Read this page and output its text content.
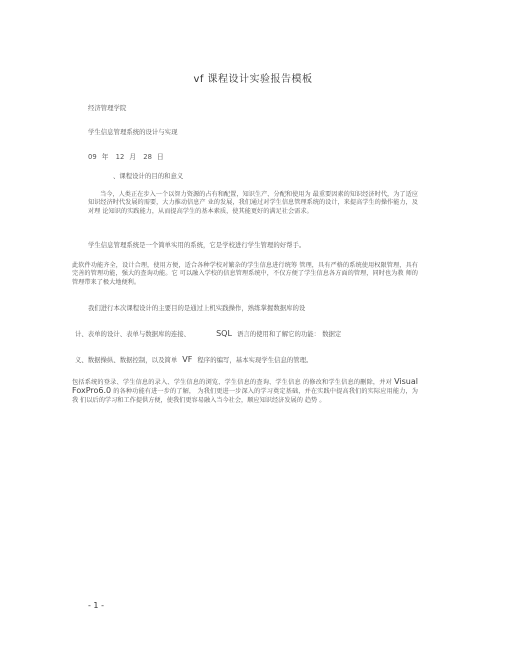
vf 课程设计实验报告模板
经济管理学院
学生信息管理系统的设计与实现
09 年 12 月 28 日
、课程设计的目的和意义
当今，人类正在步入一个以智力资源的占有和配置，知识生产、分配和使用为 最重要因素的知识经济时代，为了适应知识经济时代发展的需要，大力推动信息产 业的发展，我们通过对学生信息管理系统的设计，来提高学生的操作能力，及对理 论知识的实践能力，从而提高学生的基本素质，使其能更好的满足社会需求。
学生信息管理系统是一个简单实用的系统，它是学校进行学生管理的好帮手。
此软件功能齐全，设计合理，使用方便，适合各种学校对繁杂的学生信息进行统筹 管理，具有严格的系统使用权限管理，具有完善的管理功能，强大的查询功能。它 可以融入学校的信息管理系统中，不仅方便了学生信息各方面的管理，同时也为教 师的管理带来了极大地便利。
我们进行本次课程设计的主要目的是通过上机实践操作，熟练掌握数据库的设
计、表单的设计、表单与数据库的连接、	SQL 语言的使用和了解它的功能： 数据定
义、数据操纵、数据控制，以及简单 VF 程序的编写，基本实现学生信息的管理。
包括系统的登录、学生信息的录入、学生信息的浏览、学生信息的查询、学生信息 的修改和学生信息的删除，并对 Visual FoxPro6.0 的各种功能有进一步的了解， 为我们更进一步深入的学习奠定基础，并在实践中提高我们的实际应用能力，为我 们以后的学习和工作提供方便，使我们更容易融入当今社会，顺应知识经济发展的 趋势 。
- 1 -
